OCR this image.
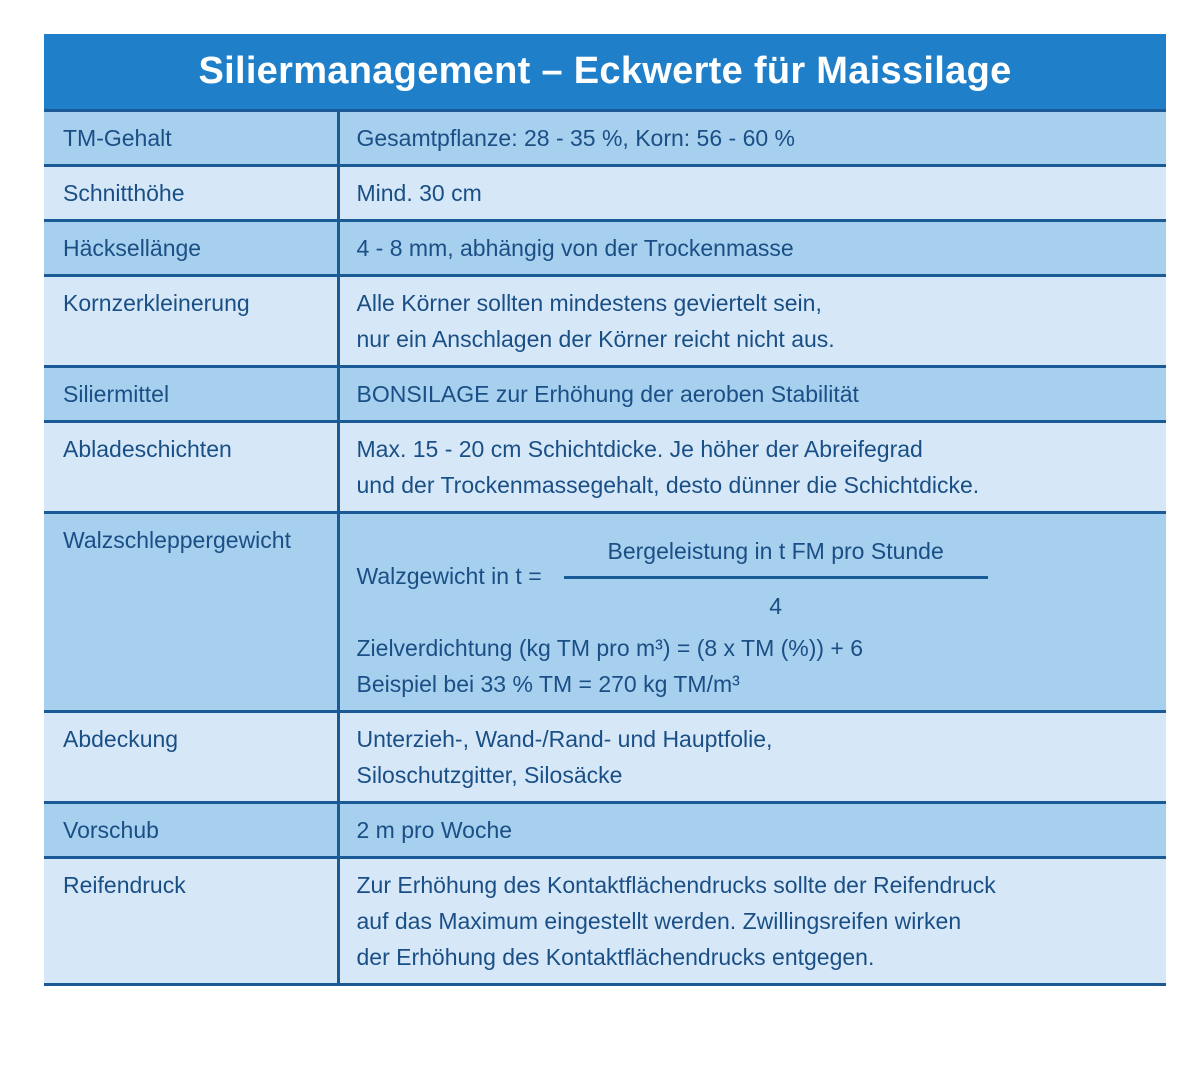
Siliermanagement – Eckwerte für Maissilage
TM-Gehalt	Gesamtpflanze: 28 - 35 %, Korn: 56 - 60 %

Schnitthöhe	Mind. 30 cm

Häcksellänge	4 - 8 mm, abhängig von der Trockenmasse

Kornzerkleinerung	Alle Körner sollten mindestens geviertelt sein,
nur ein Anschlagen der Körner reicht nicht aus.

Siliermittel	BONSILAGE zur Erhöhung der aeroben Stabilität

Abladeschichten	Max. 15 - 20 cm Schichtdicke. Je höher der Abreifegrad
und der Trockenmassegehalt, desto dünner die Schichtdicke.

Walzschleppergewicht	Walzgewicht in $t = \frac{\text{Bergeleistung in t FM pro Stunde}}{4}$
Zielverdichtung (kg TM pro m³) = (8 x TM (%)) + 6
Beispiel bei 33 % TM = 270 kg TM/m³

Abdeckung	Unterzieh-, Wand-/Rand- und Hauptfolie,
Siloschutzgitter, Silosäcke

Vorschub	2 m pro Woche

Reifendruck	Zur Erhöhung des Kontaktflächendrucks sollte der Reifendruck
auf das Maximum eingestellt werden. Zwillingsreifen wirken
der Erhöhung des Kontaktflächendrucks entgegen.
